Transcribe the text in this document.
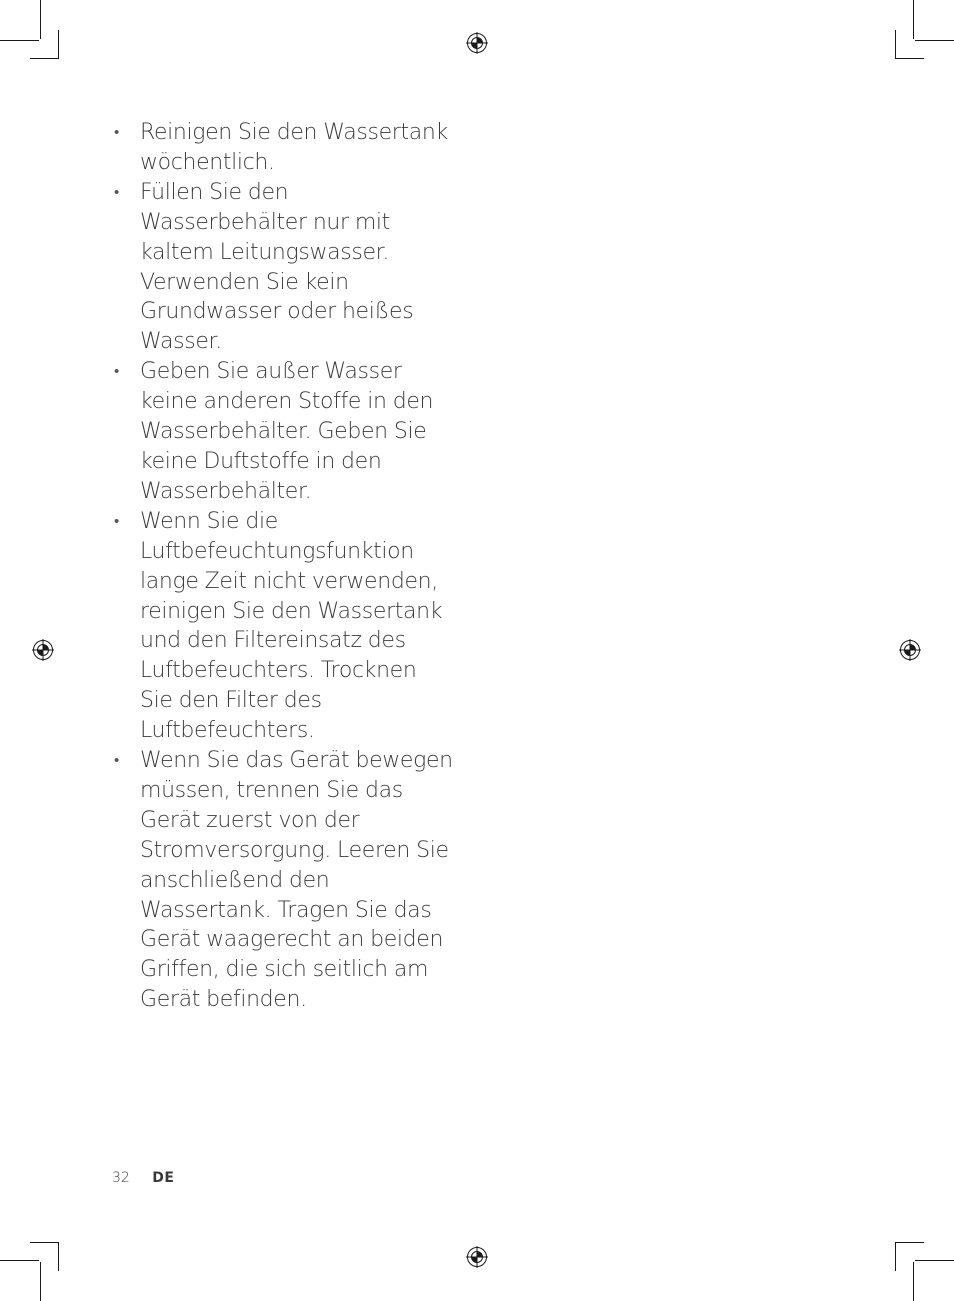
• Reinigen Sie den Wassertank wöchentlich.
• Füllen Sie den Wasserbehälter nur mit kaltem Leitungswasser. Verwenden Sie kein Grundwasser oder heißes Wasser.
• Geben Sie außer Wasser keine anderen Stoffe in den Wasserbehälter. Geben Sie keine Duftstoffe in den Wasserbehälter.
• Wenn Sie die Luftbefeuchtungsfunktion lange Zeit nicht verwenden, reinigen Sie den Wassertank und den Filtereinsatz des Luftbefeuchters. Trocknen Sie den Filter des Luftbefeuchters.
• Wenn Sie das Gerät bewegen müssen, trennen Sie das Gerät zuerst von der Stromversorgung. Leeren Sie anschließend den Wassertank. Tragen Sie das Gerät waagerecht an beiden Griffen, die sich seitlich am Gerät befinden.
32 DE
